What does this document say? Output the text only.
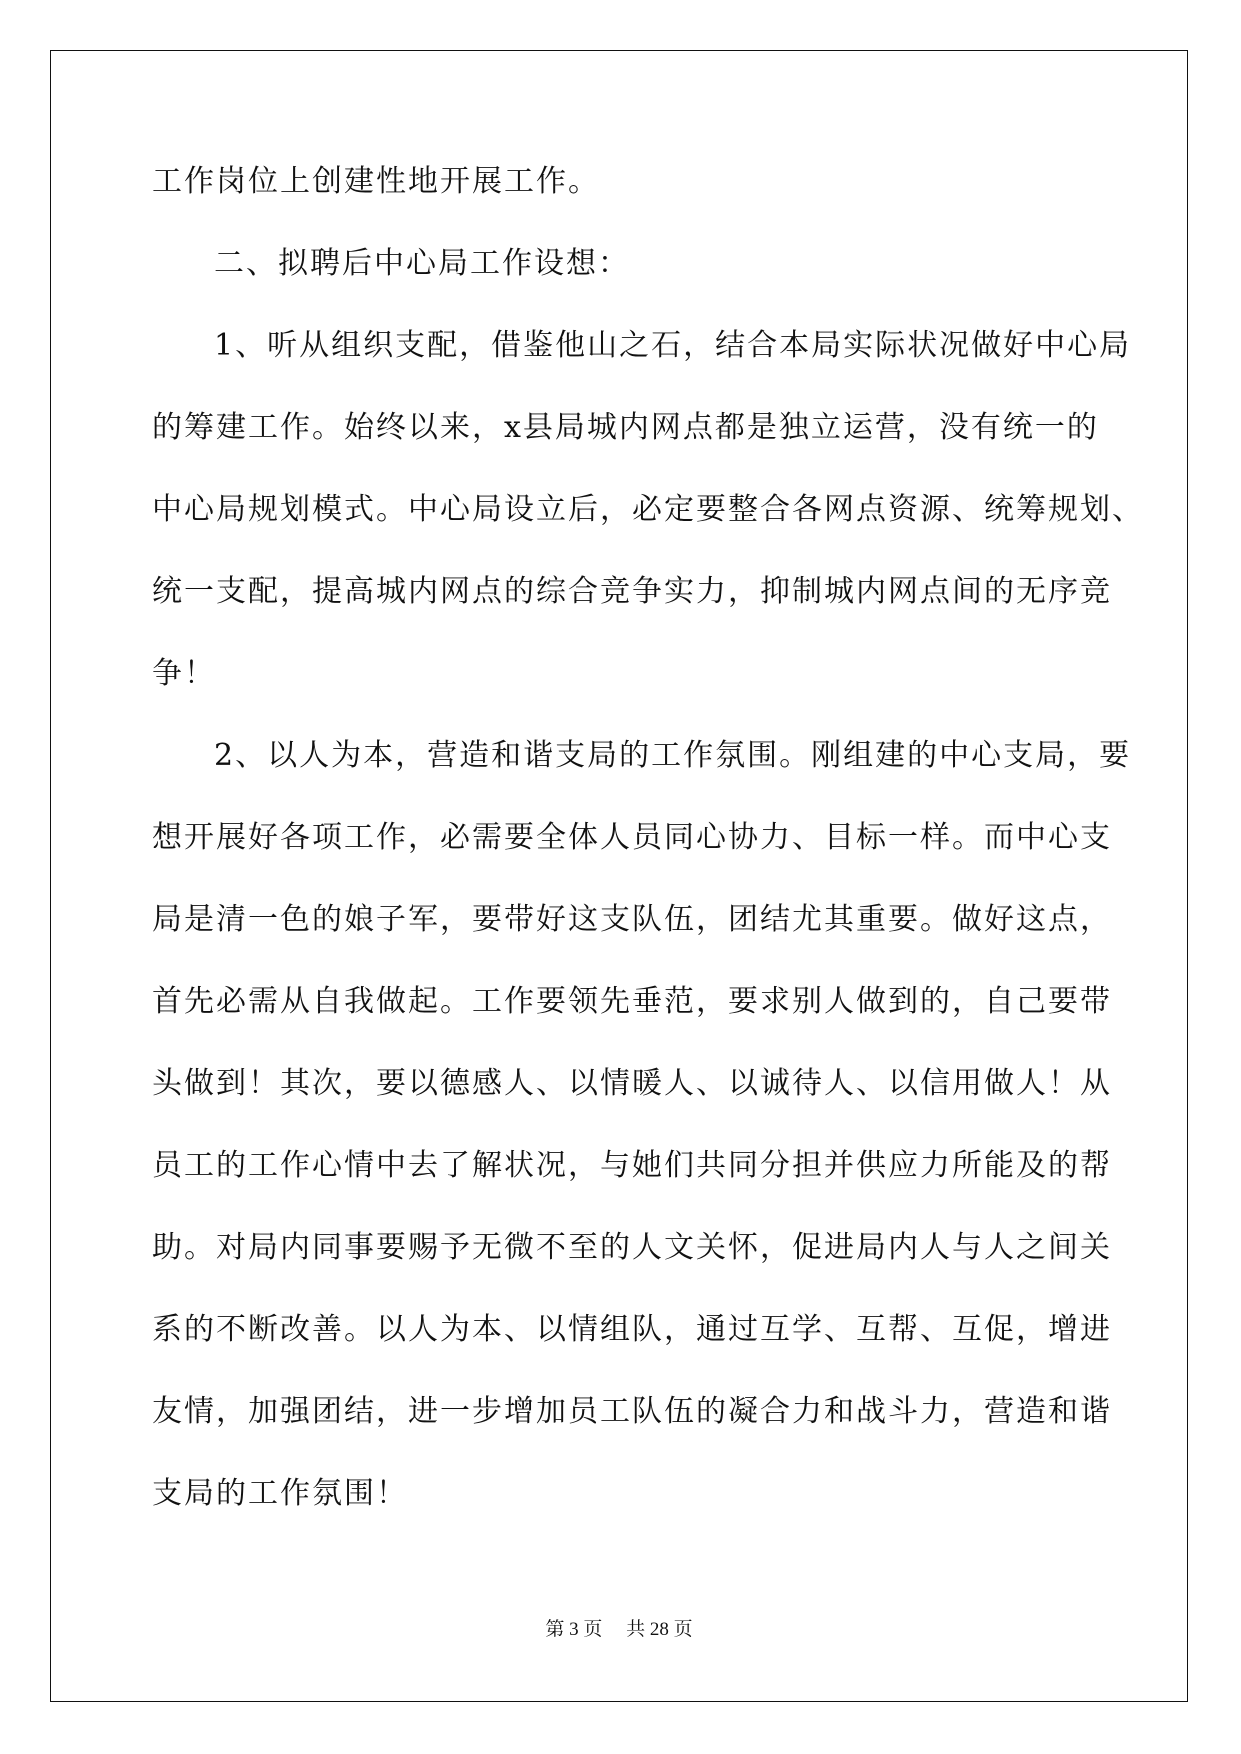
工作岗位上创建性地开展工作。
二、拟聘后中心局工作设想：
1、听从组织支配，借鉴他山之石，结合本局实际状况做好中心局
的筹建工作。始终以来，x县局城内网点都是独立运营，没有统一的
中心局规划模式。中心局设立后，必定要整合各网点资源、统筹规划、
统一支配，提高城内网点的综合竞争实力，抑制城内网点间的无序竞
争！
2、以人为本，营造和谐支局的工作氛围。刚组建的中心支局，要
想开展好各项工作，必需要全体人员同心协力、目标一样。而中心支
局是清一色的娘子军，要带好这支队伍，团结尤其重要。做好这点，
首先必需从自我做起。工作要领先垂范，要求别人做到的，自己要带
头做到！其次，要以德感人、以情暖人、以诚待人、以信用做人！从
员工的工作心情中去了解状况，与她们共同分担并供应力所能及的帮
助。对局内同事要赐予无微不至的人文关怀，促进局内人与人之间关
系的不断改善。以人为本、以情组队，通过互学、互帮、互促，增进
友情，加强团结，进一步增加员工队伍的凝合力和战斗力，营造和谐
支局的工作氛围！
第 3 页　 共 28 页
